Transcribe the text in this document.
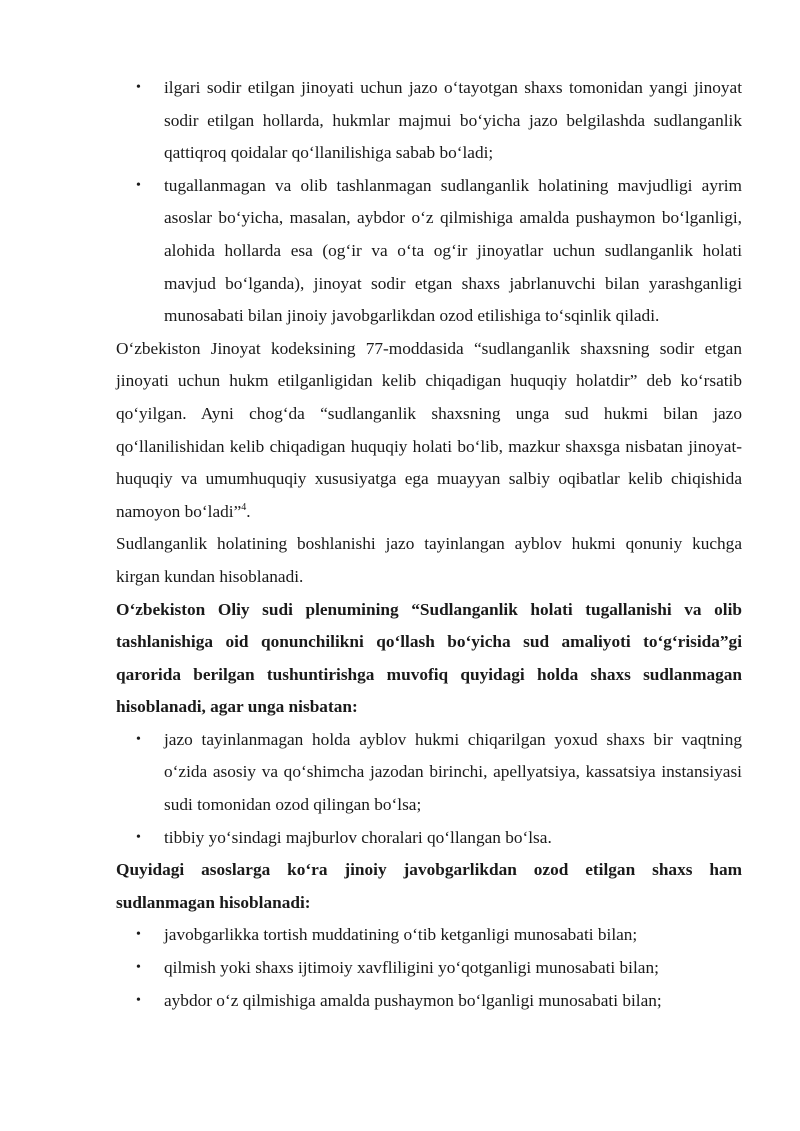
• ilgari sodir etilgan jinoyati uchun jazo o‘tayotgan shaxs tomonidan yangi jinoyat sodir etilgan hollarda, hukmlar majmui bo‘yicha jazo belgilashda sudlanganlik qattiqroq qoidalar qo‘llanilishiga sabab bo‘ladi;
• tugallanmagan va olib tashlanmagan sudlanganlik holatining mavjudligi ayrim asoslar bo‘yicha, masalan, aybdor o‘z qilmishiga amalda pushaymon bo‘lganligi, alohida hollarda esa (og‘ir va o‘ta og‘ir jinoyatlar uchun sudlanganlik holati mavjud bo‘lganda), jinoyat sodir etgan shaxs jabrlanuvchi bilan yarashganligi munosabati bilan jinoiy javobgarlikdan ozod etilishiga to‘sqinlik qiladi.

O‘zbekiston Jinoyat kodeksining 77-moddasida “sudlanganlik shaxsning sodir etgan jinoyati uchun hukm etilganligidan kelib chiqadigan huquqiy holatdir” deb ko‘rsatib qo‘yilgan. Ayni chog‘da “sudlanganlik shaxsning unga sud hukmi bilan jazo qo‘llanilishidan kelib chiqadigan huquqiy holati bo‘lib, mazkur shaxsga nisbatan jinoyat-huquqiy va umumhuquqiy xususiyatga ega muayyan salbiy oqibatlar kelib chiqishida namoyon bo‘ladi”$^4$.

Sudlanganlik holatining boshlanishi jazo tayinlangan ayblov hukmi qonuniy kuchga kirgan kundan hisoblanadi.

O‘zbekiston Oliy sudi plenumining “Sudlanganlik holati tugallanishi va olib tashlanishiga oid qonunchilikni qo‘llash bo‘yicha sud amaliyoti to‘g‘risida”gi qarorida berilgan tushuntirishga muvofiq quyidagi holda shaxs sudlanmagan hisoblanadi, agar unga nisbatan:

• jazo tayinlanmagan holda ayblov hukmi chiqarilgan yoxud shaxs bir vaqtning o‘zida asosiy va qo‘shimcha jazodan birinchi, apellyatsiya, kassatsiya instansiyasi sudi tomonidan ozod qilingan bo‘lsa;
• tibbiy yo‘sindagi majburlov choralari qo‘llangan bo‘lsa.

Quyidagi asoslarga ko‘ra jinoiy javobgarlikdan ozod etilgan shaxs ham sudlanmagan hisoblanadi:

• javobgarlikka tortish muddatining o‘tib ketganligi munosabati bilan;
• qilmish yoki shaxs ijtimoiy xavfliligini yo‘qotganligi munosabati bilan;
• aybdor o‘z qilmishiga amalda pushaymon bo‘lganligi munosabati bilan;
